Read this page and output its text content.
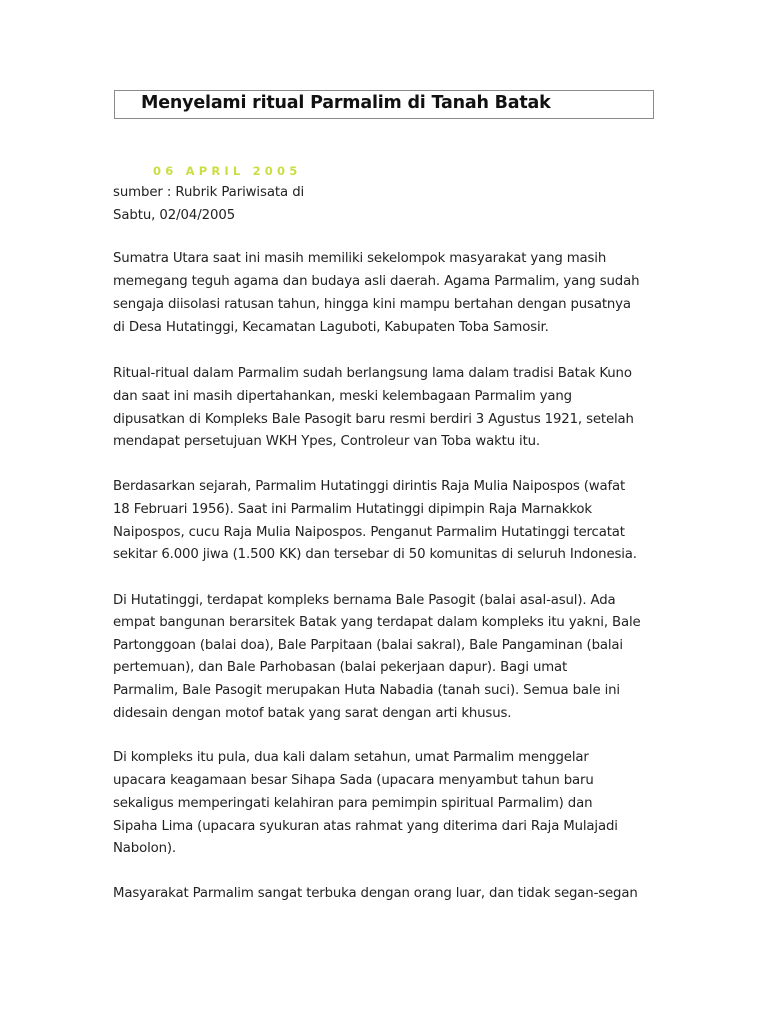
Menyelami ritual Parmalim di Tanah Batak
06 APRIL 2005
sumber : Rubrik Pariwisata di
Sabtu, 02/04/2005
Sumatra Utara saat ini masih memiliki sekelompok masyarakat yang masih
memegang teguh agama dan budaya asli daerah. Agama Parmalim, yang sudah
sengaja diisolasi ratusan tahun, hingga kini mampu bertahan dengan pusatnya
di Desa Hutatinggi, Kecamatan Laguboti, Kabupaten Toba Samosir.
Ritual-ritual dalam Parmalim sudah berlangsung lama dalam tradisi Batak Kuno
dan saat ini masih dipertahankan, meski kelembagaan Parmalim yang
dipusatkan di Kompleks Bale Pasogit baru resmi berdiri 3 Agustus 1921, setelah
mendapat persetujuan WKH Ypes, Controleur van Toba waktu itu.
Berdasarkan sejarah, Parmalim Hutatinggi dirintis Raja Mulia Naipospos (wafat
18 Februari 1956). Saat ini Parmalim Hutatinggi dipimpin Raja Marnakkok
Naipospos, cucu Raja Mulia Naipospos. Penganut Parmalim Hutatinggi tercatat
sekitar 6.000 jiwa (1.500 KK) dan tersebar di 50 komunitas di seluruh Indonesia.
Di Hutatinggi, terdapat kompleks bernama Bale Pasogit (balai asal-asul). Ada
empat bangunan berarsitek Batak yang terdapat dalam kompleks itu yakni, Bale
Partonggoan (balai doa), Bale Parpitaan (balai sakral), Bale Pangaminan (balai
pertemuan), dan Bale Parhobasan (balai pekerjaan dapur). Bagi umat
Parmalim, Bale Pasogit merupakan Huta Nabadia (tanah suci). Semua bale ini
didesain dengan motof batak yang sarat dengan arti khusus.
Di kompleks itu pula, dua kali dalam setahun, umat Parmalim menggelar
upacara keagamaan besar Sihapa Sada (upacara menyambut tahun baru
sekaligus memperingati kelahiran para pemimpin spiritual Parmalim) dan
Sipaha Lima (upacara syukuran atas rahmat yang diterima dari Raja Mulajadi
Nabolon).
Masyarakat Parmalim sangat terbuka dengan orang luar, dan tidak segan-segan
